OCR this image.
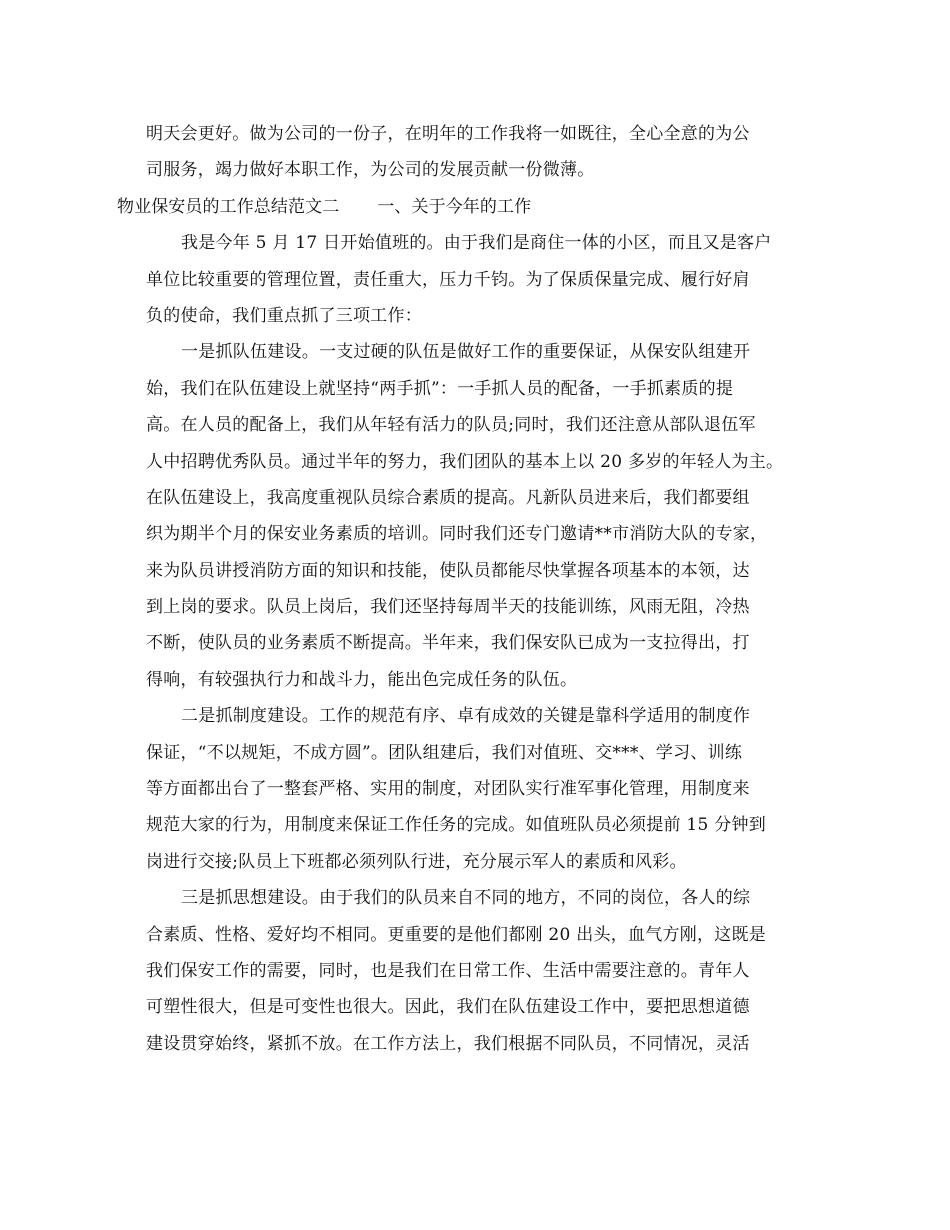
明天会更好。做为公司的一份子，在明年的工作我将一如既往，全心全意的为公
司服务，竭力做好本职工作，为公司的发展贡献一份微薄。
物业保安员的工作总结范文二 一、关于今年的工作
我是今年 5 月 17 日开始值班的。由于我们是商住一体的小区，而且又是客户
单位比较重要的管理位置，责任重大，压力千钧。为了保质保量完成、履行好肩
负的使命，我们重点抓了三项工作：
一是抓队伍建设。一支过硬的队伍是做好工作的重要保证，从保安队组建开
始，我们在队伍建设上就坚持“两手抓”：一手抓人员的配备，一手抓素质的提
高。在人员的配备上，我们从年轻有活力的队员;同时，我们还注意从部队退伍军
人中招聘优秀队员。通过半年的努力，我们团队的基本上以 20 多岁的年轻人为主。
在队伍建设上，我高度重视队员综合素质的提高。凡新队员进来后，我们都要组
织为期半个月的保安业务素质的培训。同时我们还专门邀请**市消防大队的专家，
来为队员讲授消防方面的知识和技能，使队员都能尽快掌握各项基本的本领，达
到上岗的要求。队员上岗后，我们还坚持每周半天的技能训练，风雨无阻，冷热
不断，使队员的业务素质不断提高。半年来，我们保安队已成为一支拉得出，打
得响，有较强执行力和战斗力，能出色完成任务的队伍。
二是抓制度建设。工作的规范有序、卓有成效的关键是靠科学适用的制度作
保证，“不以规矩，不成方圆”。团队组建后，我们对值班、交***、学习、训练
等方面都出台了一整套严格、实用的制度，对团队实行准军事化管理，用制度来
规范大家的行为，用制度来保证工作任务的完成。如值班队员必须提前 15 分钟到
岗进行交接;队员上下班都必须列队行进，充分展示军人的素质和风彩。
三是抓思想建设。由于我们的队员来自不同的地方，不同的岗位，各人的综
合素质、性格、爱好均不相同。更重要的是他们都刚 20 出头，血气方刚，这既是
我们保安工作的需要，同时，也是我们在日常工作、生活中需要注意的。青年人
可塑性很大，但是可变性也很大。因此，我们在队伍建设工作中，要把思想道德
建设贯穿始终，紧抓不放。在工作方法上，我们根据不同队员，不同情况，灵活
